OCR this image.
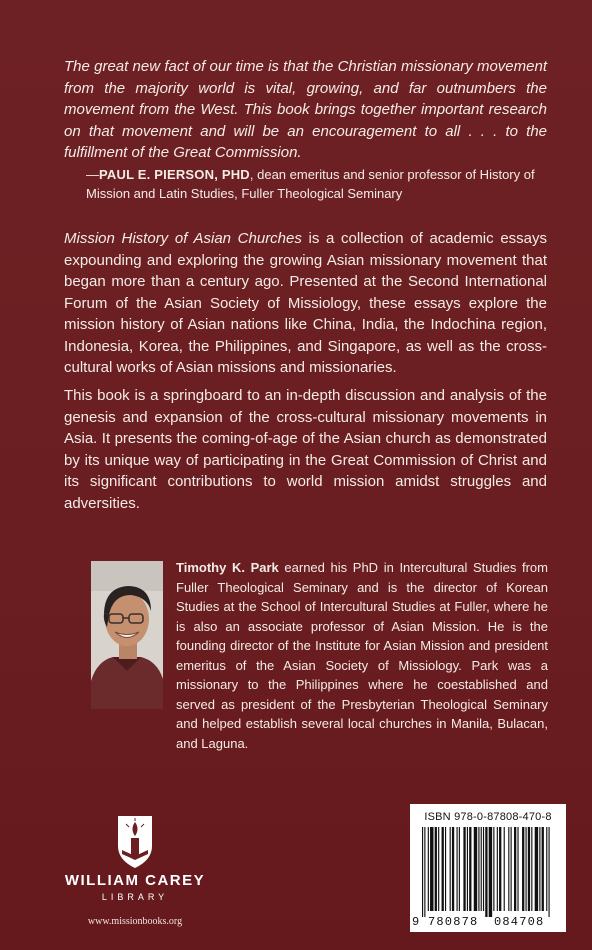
The great new fact of our time is that the Christian missionary movement from the majority world is vital, growing, and far outnumbers the movement from the West. This book brings together important research on that movement and will be an encouragement to all . . . to the fulfillment of the Great Commission.

—PAUL E. PIERSON, PHD, dean emeritus and senior professor of History of Mission and Latin Studies, Fuller Theological Seminary

Mission History of Asian Churches is a collection of academic essays expounding and exploring the growing Asian missionary movement that began more than a century ago. Presented at the Second International Forum of the Asian Society of Missiology, these essays explore the mission history of Asian nations like China, India, the Indochina region, Indonesia, Korea, the Philippines, and Singapore, as well as the cross-cultural works of Asian missions and missionaries.

This book is a springboard to an in-depth discussion and analysis of the genesis and expansion of the cross-cultural missionary movements in Asia. It presents the coming-of-age of the Asian church as demonstrated by its unique way of participating in the Great Commission of Christ and its significant contributions to world mission amidst struggles and adversities.

Timothy K. Park earned his PhD in Intercultural Studies from Fuller Theological Seminary and is the director of Korean Studies at the School of Intercultural Studies at Fuller, where he is also an associate professor of Asian Mission. He is the founding director of the Institute for Asian Mission and president emeritus of the Asian Society of Missiology. Park was a missionary to the Philippines where he coestablished and served as president of the Presbyterian Theological Seminary and helped establish several local churches in Manila, Bulacan, and Laguna.

WILLIAM CAREY
LIBRARY
www.missionbooks.org
ISBN 978-0-87808-470-8
9 780878 084708
